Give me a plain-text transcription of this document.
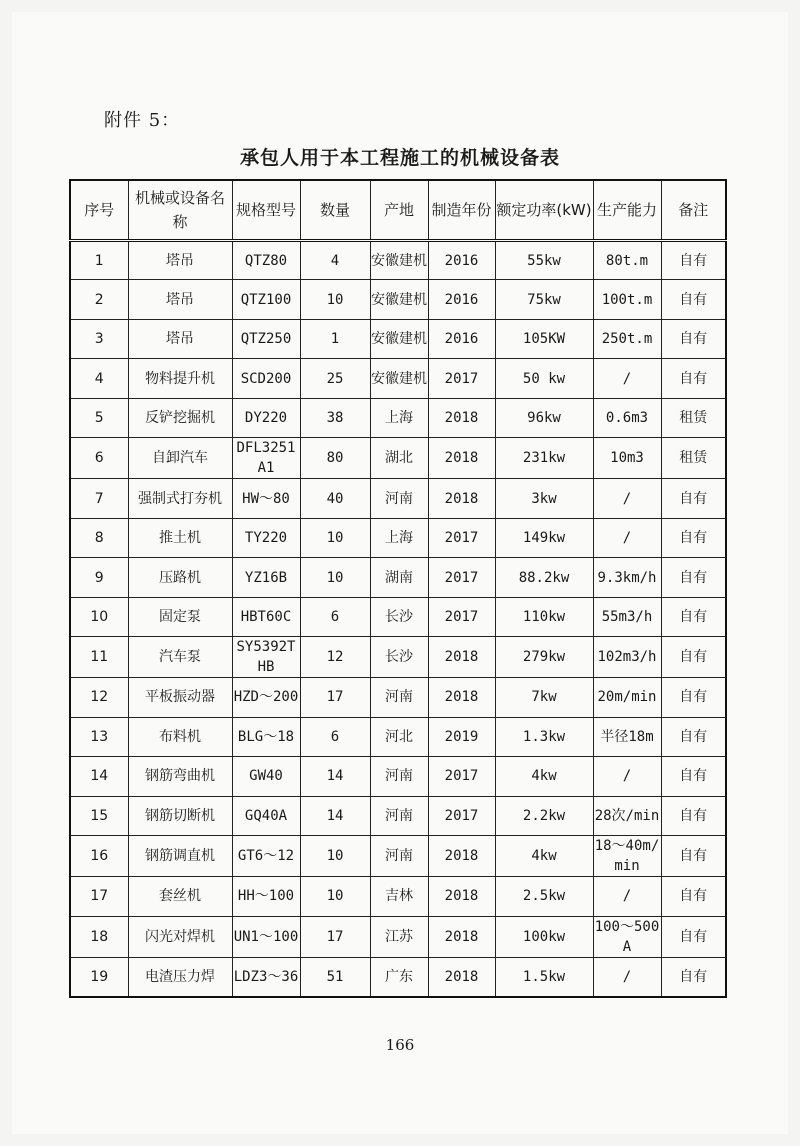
附件 5：
承包人用于本工程施工的机械设备表
序号	机械或设备名称	规格型号	数量	产地	制造年份	额定功率(kW)	生产能力	备注
1	塔吊	QTZ80	4	安徽建机	2016	55kw	80t.m	自有
2	塔吊	QTZ100	10	安徽建机	2016	75kw	100t.m	自有
3	塔吊	QTZ250	1	安徽建机	2016	105KW	250t.m	自有
4	物料提升机	SCD200	25	安徽建机	2017	50 kw	/	自有
5	反铲挖掘机	DY220	38	上海	2018	96kw	0.6m3	租赁
6	自卸汽车	DFL3251A1	80	湖北	2018	231kw	10m3	租赁
7	强制式打夯机	HW～80	40	河南	2018	3kw	/	自有
8	推土机	TY220	10	上海	2017	149kw	/	自有
9	压路机	YZ16B	10	湖南	2017	88.2kw	9.3km/h	自有
10	固定泵	HBT60C	6	长沙	2017	110kw	55m3/h	自有
11	汽车泵	SY5392THB	12	长沙	2018	279kw	102m3/h	自有
12	平板振动器	HZD～200	17	河南	2018	7kw	20m/min	自有
13	布料机	BLG～18	6	河北	2019	1.3kw	半径18m	自有
14	钢筋弯曲机	GW40	14	河南	2017	4kw	/	自有
15	钢筋切断机	GQ40A	14	河南	2017	2.2kw	28次/min	自有
16	钢筋调直机	GT6～12	10	河南	2018	4kw	18～40m/min	自有
17	套丝机	HH～100	10	吉林	2018	2.5kw	/	自有
18	闪光对焊机	UN1～100	17	江苏	2018	100kw	100～500A	自有
19	电渣压力焊	LDZ3～36	51	广东	2018	1.5kw	/	自有
166
